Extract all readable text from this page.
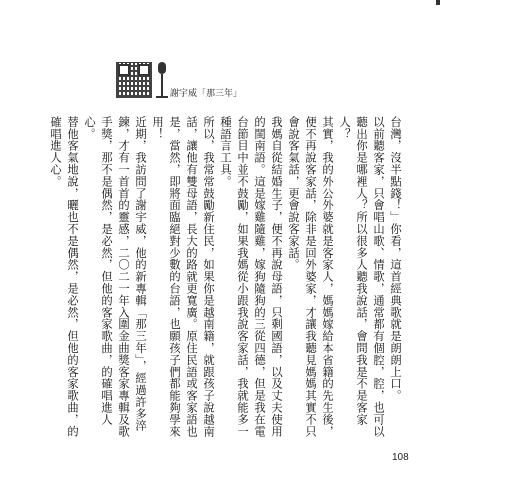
謝宇威「那三年」

台灣，沒半點錢！」你看，這首經典歌就是朗朗上口。

以前聽客家，只會唱山歌、情歌，通常都有個腔，腔，也可以聽出你是哪裡人？所以很多人聽我說話，會問我是不是客家人？

其實，我的外公外婆就是客家人，媽媽嫁給本省籍的先生後，便不再說客家話，除非是回外婆家，才讓我聽見媽媽其實不只會說客氣話，更會說客家話。

我媽自從結婚生子，便不再說母語，只剩國語，以及丈夫使用的閩南語。這是嫁雞隨雞，嫁狗隨狗的三從四德，但是我在電台節目中並不鼓勵，如果我媽從小跟我說客家話，我就能多一種語言工具。

所以，我常常鼓勵新住民，如果你是越南籍，就跟孩子說越南話，讓他有雙母語，長大的路就更寬廣。原住民語或客家語也是，當然，即將面臨絕對少數的台語，也願孩子們都能夠學來用！

近期，我訪問了謝宇威，他的新專輯「那三年」，經過許多淬鍊，才有一首首的靈感，二〇二一年入圍金曲獎客家專輯及歌手獎，那不是偶然，是必然，但他的客家歌曲，的確唱進人心。

替他客氣地說，曬也不是偶然，是必然，但他的客家歌曲，的確唱進人心。

108
